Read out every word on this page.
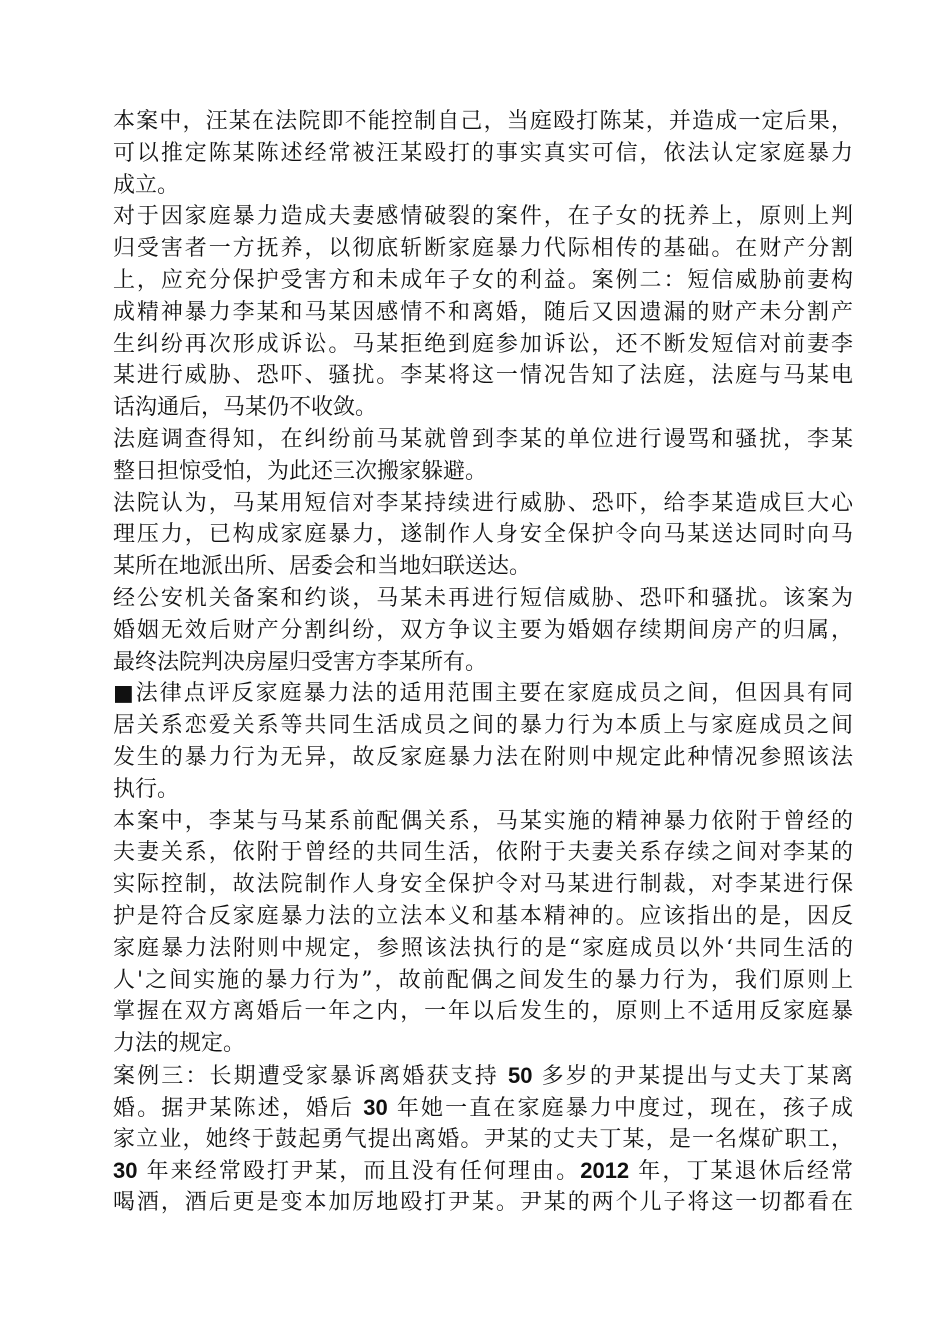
本案中，汪某在法院即不能控制自己，当庭殴打陈某，并造成一定后果，
可以推定陈某陈述经常被汪某殴打的事实真实可信，依法认定家庭暴力
成立。
对于因家庭暴力造成夫妻感情破裂的案件，在子女的抚养上，原则上判
归受害者一方抚养，以彻底斩断家庭暴力代际相传的基础。在财产分割
上，应充分保护受害方和未成年子女的利益。案例二：短信威胁前妻构
成精神暴力李某和马某因感情不和离婚，随后又因遗漏的财产未分割产
生纠纷再次形成诉讼。马某拒绝到庭参加诉讼，还不断发短信对前妻李
某进行威胁、恐吓、骚扰。李某将这一情况告知了法庭，法庭与马某电
话沟通后，马某仍不收敛。
法庭调查得知，在纠纷前马某就曾到李某的单位进行谩骂和骚扰，李某
整日担惊受怕，为此还三次搬家躲避。
法院认为，马某用短信对李某持续进行威胁、恐吓，给李某造成巨大心
理压力，已构成家庭暴力，遂制作人身安全保护令向马某送达同时向马
某所在地派出所、居委会和当地妇联送达。
经公安机关备案和约谈，马某未再进行短信威胁、恐吓和骚扰。该案为
婚姻无效后财产分割纠纷，双方争议主要为婚姻存续期间房产的归属，
最终法院判决房屋归受害方李某所有。
■法律点评反家庭暴力法的适用范围主要在家庭成员之间，但因具有同
居关系恋爱关系等共同生活成员之间的暴力行为本质上与家庭成员之间
发生的暴力行为无异，故反家庭暴力法在附则中规定此种情况参照该法
执行。
本案中，李某与马某系前配偶关系，马某实施的精神暴力依附于曾经的
夫妻关系，依附于曾经的共同生活，依附于夫妻关系存续之间对李某的
实际控制，故法院制作人身安全保护令对马某进行制裁，对李某进行保
护是符合反家庭暴力法的立法本义和基本精神的。应该指出的是，因反
家庭暴力法附则中规定，参照该法执行的是“家庭成员以外‘共同生活的
人'之间实施的暴力行为”，故前配偶之间发生的暴力行为，我们原则上
掌握在双方离婚后一年之内，一年以后发生的，原则上不适用反家庭暴
力法的规定。
案例三：长期遭受家暴诉离婚获支持 50 多岁的尹某提出与丈夫丁某离
婚。据尹某陈述，婚后 30 年她一直在家庭暴力中度过，现在，孩子成
家立业，她终于鼓起勇气提出离婚。尹某的丈夫丁某，是一名煤矿职工，
30 年来经常殴打尹某，而且没有任何理由。2012 年，丁某退休后经常
喝酒，酒后更是变本加厉地殴打尹某。尹某的两个儿子将这一切都看在
